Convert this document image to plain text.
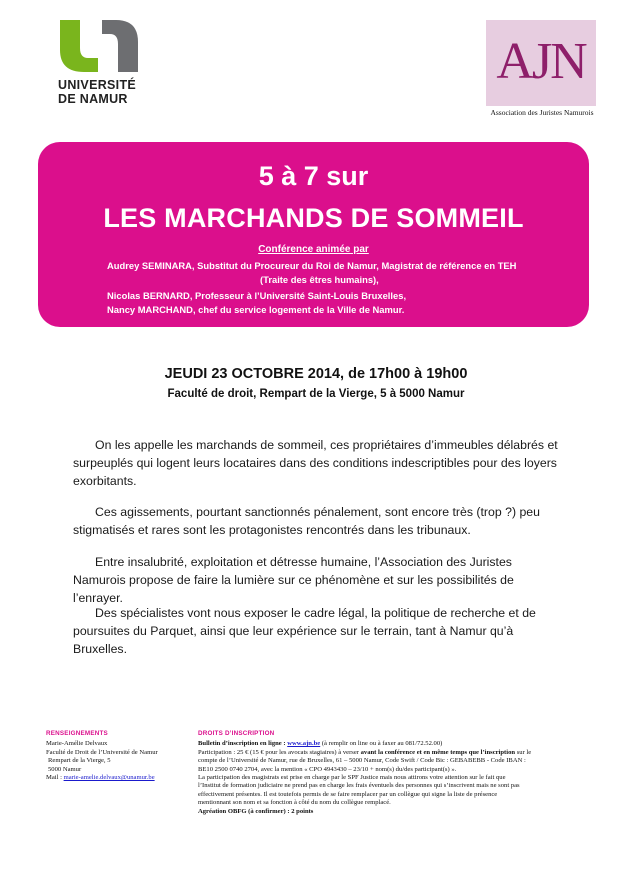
UNIVERSITÉ
DE NAMUR
AJN
Association des Juristes Namurois
5 à 7 sur
LES MARCHANDS DE SOMMEIL
Conférence animée par
Audrey SEMINARA, Substitut du Procureur du Roi de Namur, Magistrat de référence en TEH
(Traite des êtres humains),
Nicolas BERNARD, Professeur à l’Université Saint-Louis Bruxelles,
Nancy MARCHAND, chef du service logement de la Ville de Namur.
JEUDI 23 OCTOBRE 2014, de 17h00 à 19h00
Faculté de droit, Rempart de la Vierge, 5 à 5000 Namur

On les appelle les marchands de sommeil, ces propriétaires d’immeubles délabrés et surpeuplés qui logent leurs locataires dans des conditions indescriptibles pour des loyers exorbitants.

Ces agissements, pourtant sanctionnés pénalement, sont encore très (trop ?) peu stigmatisés et rares sont les protagonistes rencontrés dans les tribunaux.

Entre insalubrité, exploitation et détresse humaine, l’Association des Juristes Namurois propose de faire la lumière sur ce phénomène et sur les possibilités de l’enrayer.

Des spécialistes vont nous exposer le cadre légal, la politique de recherche et de poursuites du Parquet, ainsi que leur expérience sur le terrain, tant à Namur qu’à Bruxelles.

RENSEIGNEMENTS
Marie-Amélie Delvaux
Faculté de Droit de l’Université de Namur
Rempart de la Vierge, 5
5000 Namur
Mail : marie-amelie.delvaux@unamur.be
DROITS D’INSCRIPTION
Bulletin d’inscription en ligne : www.ajn.be (à remplir on line ou à faxer au 081/72.52.00)
Participation : 25 € (15 € pour les avocats stagiaires) à verser avant la conférence et en même temps que l’inscription sur le
compte de l’Université de Namur, rue de Bruxelles, 61 – 5000 Namur, Code Swift / Code Bic : GEBABEBB - Code IBAN :
BE10 2500 0740 2704, avec la mention « CPO 4943430 – 23/10 + nom(s) du/des participant(s) ».
La participation des magistrats est prise en charge par le SPF Justice mais nous attirons votre attention sur le fait que
l’Institut de formation judiciaire ne prend pas en charge les frais éventuels des personnes qui s’inscrivent mais ne sont pas
effectivement présentes. Il est toutefois permis de se faire remplacer par un collègue qui signe la liste de présence
mentionnant son nom et sa fonction à côté du nom du collègue remplacé.
Agréation OBFG (à confirmer) : 2 points
